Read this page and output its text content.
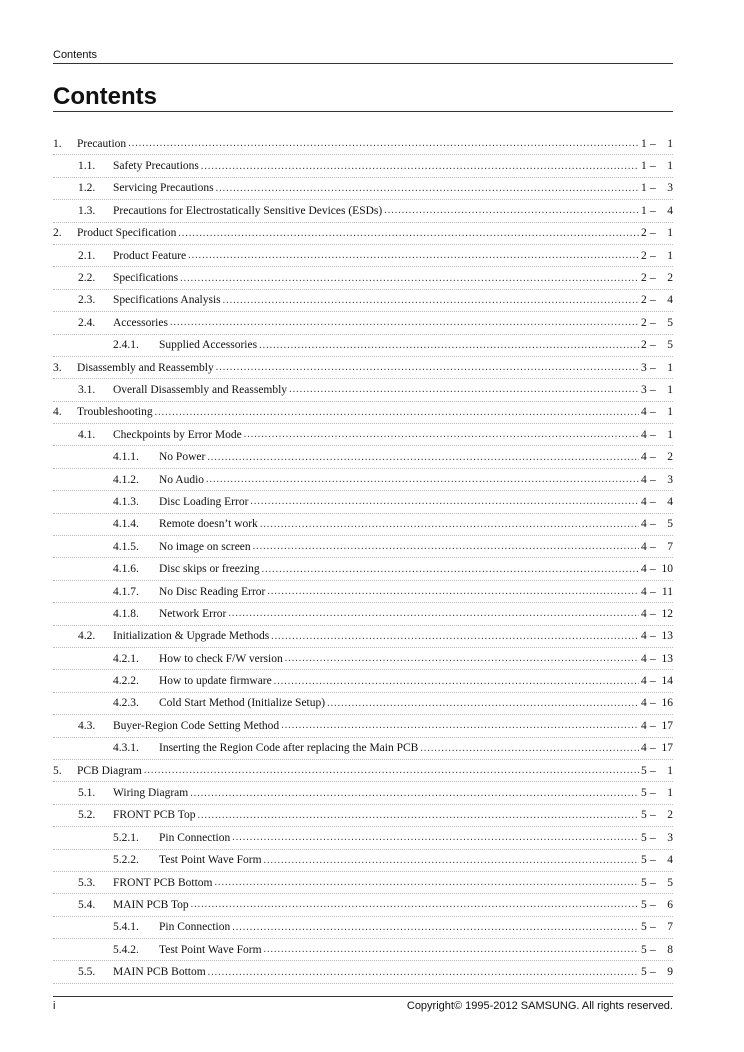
Contents
Contents
1. Precaution .....	1 –	1
1.1. Safety Precautions .....	1 –	1
1.2. Servicing Precautions .....	1 –	3
1.3. Precautions for Electrostatically Sensitive Devices (ESDs) .....	1 –	4
2. Product Specification .....	2 –	1
2.1. Product Feature .....	2 –	1
2.2. Specifications .....	2 –	2
2.3. Specifications Analysis .....	2 –	4
2.4. Accessories .....	2 –	5
2.4.1. Supplied Accessories .....	2 –	5
3. Disassembly and Reassembly .....	3 –	1
3.1. Overall Disassembly and Reassembly .....	3 –	1
4. Troubleshooting .....	4 –	1
4.1. Checkpoints by Error Mode .....	4 –	1
4.1.1. No Power .....	4 –	2
4.1.2. No Audio .....	4 –	3
4.1.3. Disc Loading Error .....	4 –	4
4.1.4. Remote doesn’t work .....	4 –	5
4.1.5. No image on screen .....	4 –	7
4.1.6. Disc skips or freezing .....	4 – 10
4.1.7. No Disc Reading Error .....	4 – 11
4.1.8. Network Error .....	4 – 12
4.2. Initialization & Upgrade Methods .....	4 – 13
4.2.1. How to check F/W version .....	4 – 13
4.2.2. How to update firmware .....	4 – 14
4.2.3. Cold Start Method (Initialize Setup) .....	4 – 16
4.3. Buyer-Region Code Setting Method .....	4 – 17
4.3.1. Inserting the Region Code after replacing the Main PCB .....	4 – 17
5. PCB Diagram .....	5 –	1
5.1. Wiring Diagram .....	5 –	1
5.2. FRONT PCB Top .....	5 –	2
5.2.1. Pin Connection .....	5 –	3
5.2.2. Test Point Wave Form .....	5 –	4
5.3. FRONT PCB Bottom .....	5 –	5
5.4. MAIN PCB Top .....	5 –	6
5.4.1. Pin Connection .....	5 –	7
5.4.2. Test Point Wave Form .....	5 –	8
5.5. MAIN PCB Bottom .....	5 –	9
i	Copyright© 1995-2012 SAMSUNG. All rights reserved.
